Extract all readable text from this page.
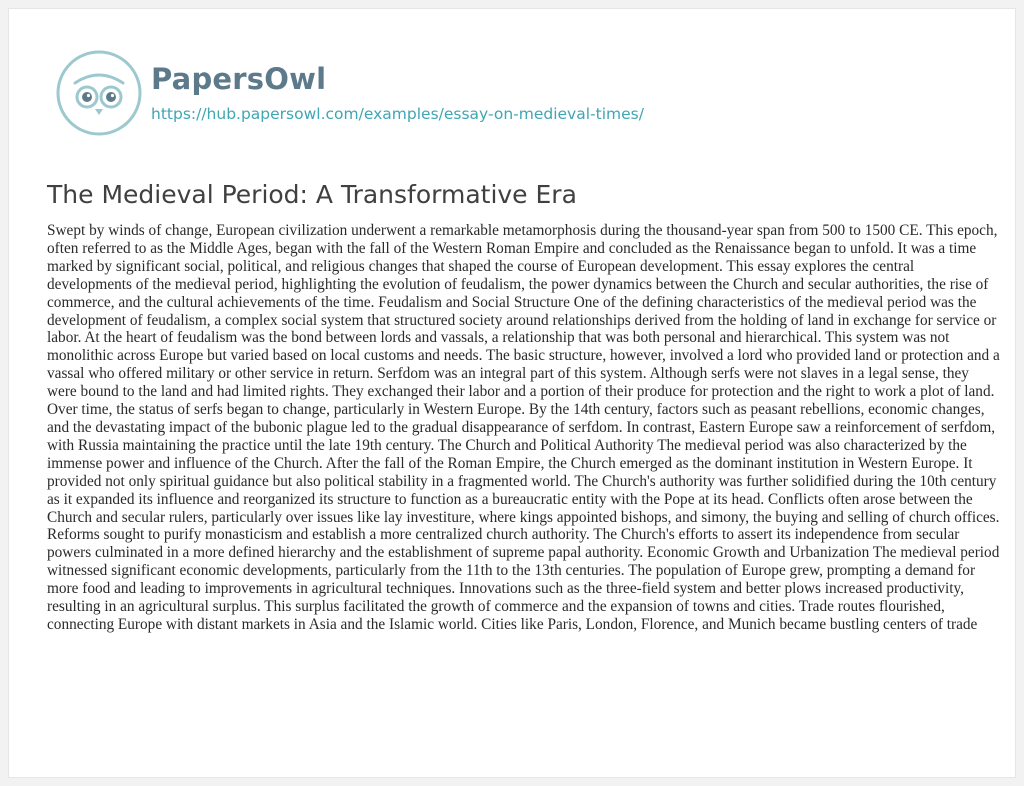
PapersOwl
https://hub.papersowl.com/examples/essay-on-medieval-times/
The Medieval Period: A Transformative Era

Swept by winds of change, European civilization underwent a remarkable metamorphosis during the thousand-year span from 500 to 1500 CE. This epoch, often referred to as the Middle Ages, began with the fall of the Western Roman Empire and concluded as the Renaissance began to unfold. It was a time marked by significant social, political, and religious changes that shaped the course of European development. This essay explores the central developments of the medieval period, highlighting the evolution of feudalism, the power dynamics between the Church and secular authorities, the rise of commerce, and the cultural achievements of the time. Feudalism and Social Structure One of the defining characteristics of the medieval period was the development of feudalism, a complex social system that structured society around relationships derived from the holding of land in exchange for service or labor. At the heart of feudalism was the bond between lords and vassals, a relationship that was both personal and hierarchical. This system was not monolithic across Europe but varied based on local customs and needs. The basic structure, however, involved a lord who provided land or protection and a vassal who offered military or other service in return. Serfdom was an integral part of this system. Although serfs were not slaves in a legal sense, they were bound to the land and had limited rights. They exchanged their labor and a portion of their produce for protection and the right to work a plot of land. Over time, the status of serfs began to change, particularly in Western Europe. By the 14th century, factors such as peasant rebellions, economic changes, and the devastating impact of the bubonic plague led to the gradual disappearance of serfdom. In contrast, Eastern Europe saw a reinforcement of serfdom, with Russia maintaining the practice until the late 19th century. The Church and Political Authority The medieval period was also characterized by the immense power and influence of the Church. After the fall of the Roman Empire, the Church emerged as the dominant institution in Western Europe. It provided not only spiritual guidance but also political stability in a fragmented world. The Church's authority was further solidified during the 10th century as it expanded its influence and reorganized its structure to function as a bureaucratic entity with the Pope at its head. Conflicts often arose between the Church and secular rulers, particularly over issues like lay investiture, where kings appointed bishops, and simony, the buying and selling of church offices. Reforms sought to purify monasticism and establish a more centralized church authority. The Church's efforts to assert its independence from secular powers culminated in a more defined hierarchy and the establishment of supreme papal authority. Economic Growth and Urbanization The medieval period witnessed significant economic developments, particularly from the 11th to the 13th centuries. The population of Europe grew, prompting a demand for more food and leading to improvements in agricultural techniques. Innovations such as the three-field system and better plows increased productivity, resulting in an agricultural surplus. This surplus facilitated the growth of commerce and the expansion of towns and cities. Trade routes flourished, connecting Europe with distant markets in Asia and the Islamic world. Cities like Paris, London, Florence, and Munich became bustling centers of trade
